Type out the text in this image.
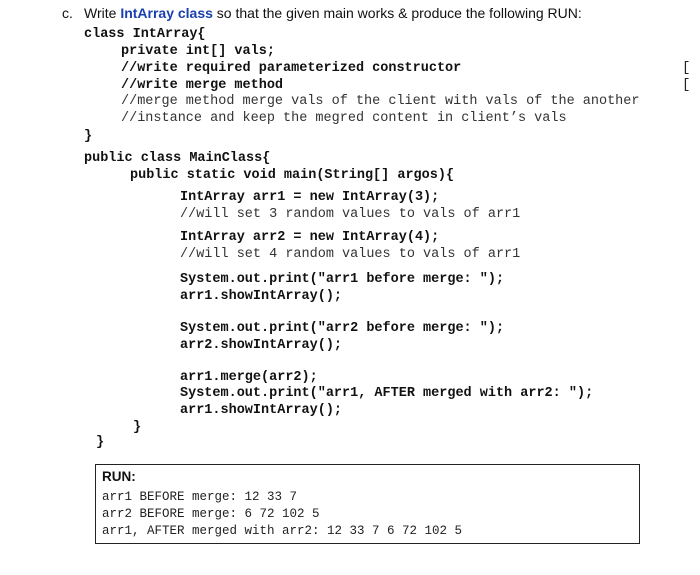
c. Write IntArray class so that the given main works & produce the following RUN:
class IntArray{
private int[] vals;
//write required parameterized constructor
//write merge method
//merge method merge vals of the client with vals of the another
//instance and keep the megred content in client’s vals
}
public class MainClass{
public static void main(String[] argos){
IntArray arr1 = new IntArray(3);
//will set 3 random values to vals of arr1
IntArray arr2 = new IntArray(4);
//will set 4 random values to vals of arr1
System.out.print("arr1 before merge: ");
arr1.showIntArray();
System.out.print("arr2 before merge: ");
arr2.showIntArray();
arr1.merge(arr2);
System.out.print("arr1, AFTER merged with arr2: ");
arr1.showIntArray();
}
}
[
[
RUN:
arr1 BEFORE merge: 12 33 7
arr2 BEFORE merge: 6 72 102 5
arr1, AFTER merged with arr2: 12 33 7 6 72 102 5
